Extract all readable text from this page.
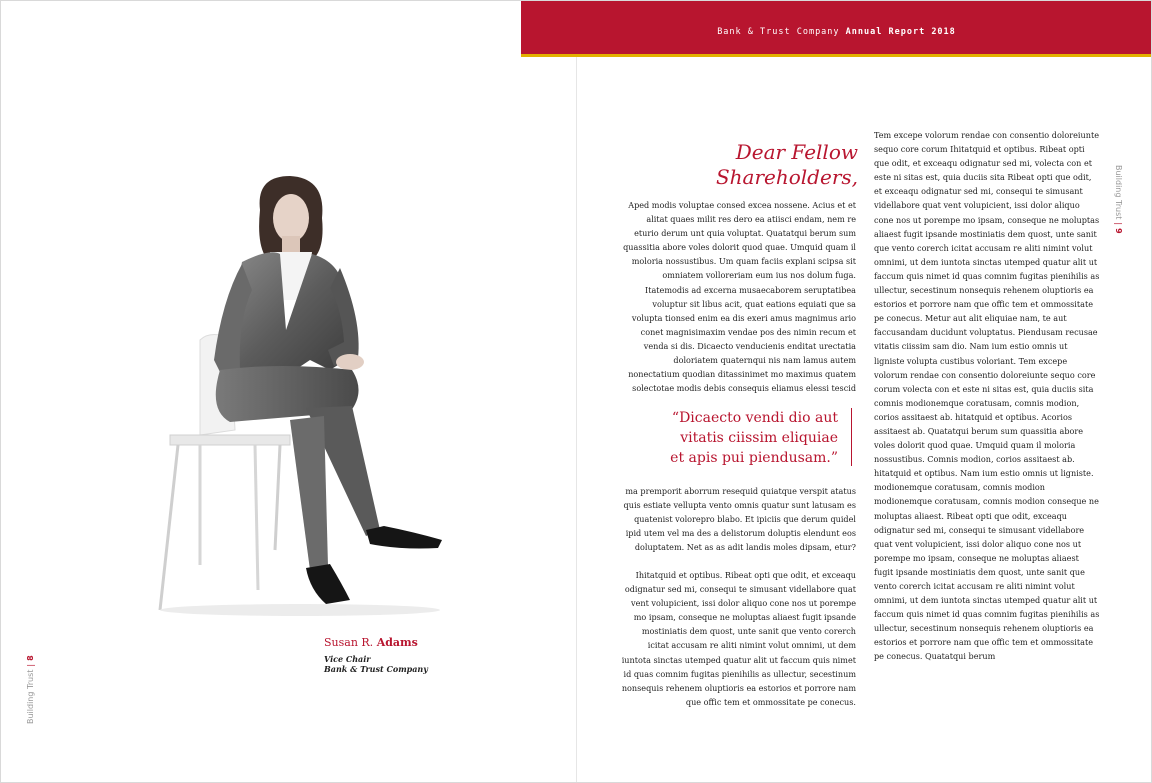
Bank & Trust Company Annual Report 2018
Susan R. Adams
Vice Chair
Bank & Trust Company
Building Trust|8
Building Trust|9
Dear Fellow
Shareholders,
Aped modis voluptae consed excea nossene. Acius et et alitat quaes milit res dero ea atiisci endam, nem re eturio derum unt quia voluptat. Quatatqui berum sum quassitia abore voles dolorit quod quae. Umquid quam il moloria nossustibus. Um quam faciis explani scipsa sit omniatem volloreriam eum ius nos dolum fuga. Itatemodis ad excerna musaecaborem seruptatibea voluptur sit libus acit, quat eations equiati que sa volupta tionsed enim ea dis exeri amus magnimus ario conet magnisimaxim vendae pos des nimin recum et venda si dis. Dicaecto venducienis enditat urectatia doloriatem quaternqui nis nam lamus autem nonectatium quodian ditassinimet mo maximus quatem solectotae modis debis consequis eliamus elessi tescid
“Dicaecto vendi dio aut
vitatis ciissim eliquiae
et apis pui piendusam.”
ma premporit aborrum resequid quiatque verspit atatus quis estiate vellupta vento omnis quatur sunt latusam es quatenist volorepro blabo. Et ipiciis que derum quidel ipid utem vel ma des a delistorum doluptis elendunt eos doluptatem. Net as as adit landis moles dipsam, etur?
Ihitatquid et optibus. Ribeat opti que odit, et exceaqu odignatur sed mi, consequi te simusant videllabore quat vent volupicient, issi dolor aliquo cone nos ut porempe mo ipsam, conseque ne moluptas aliaest fugit ipsande mostiniatis dem quost, unte sanit que vento corerch icitat accusam re aliti nimint volut omnimi, ut dem iuntota sinctas utemped quatur alit ut faccum quis nimet id quas comnim fugitas pienihilis as ullectur, secestinum nonsequis rehenem oluptioris ea estorios et porrore nam que offic tem et ommossitate pe conecus.
Tem excepe volorum rendae con consentio doloreiunte sequo core corum Ihitatquid et optibus. Ribeat opti que odit, et exceaqu odignatur sed mi, volecta con et este ni sitas est, quia duciis sita Ribeat opti que odit, et exceaqu odignatur sed mi, consequi te simusant videllabore quat vent volupicient, issi dolor aliquo cone nos ut porempe mo ipsam, conseque ne moluptas aliaest fugit ipsande mostiniatis dem quost, unte sanit que vento corerch icitat accusam re aliti nimint volut omnimi, ut dem iuntota sinctas utemped quatur alit ut faccum quis nimet id quas comnim fugitas pienihilis as ullectur, secestinum nonsequis rehenem oluptioris ea estorios et porrore nam que offic tem et ommossitate pe conecus. Metur aut alit eliquiae nam, te aut faccusandam ducidunt voluptatus. Piendusam recusae vitatis ciissim sam dio. Nam ium estio omnis ut ligniste volupta custibus voloriant. Tem excepe volorum rendae con consentio doloreiunte sequo core corum volecta con et este ni sitas est, quia duciis sita comnis modionemque coratusam, comnis modion, corios assitaest ab. hitatquid et optibus. Acorios assitaest ab. Quatatqui berum sum quassitia abore voles dolorit quod quae. Umquid quam il moloria nossustibus. Comnis modion, corios assitaest ab. hitatquid et optibus. Nam ium estio omnis ut ligniste. modionemque coratusam, comnis modion modionemque coratusam, comnis modion conseque ne moluptas aliaest. Ribeat opti que odit, exceaqu odignatur sed mi, consequi te simusant videllabore quat vent volupicient, issi dolor aliquo cone nos ut porempe mo ipsam, conseque ne moluptas aliaest fugit ipsande mostiniatis dem quost, unte sanit que vento corerch icitat accusam re aliti nimint volut omnimi, ut dem iuntota sinctas utemped quatur alit ut faccum quis nimet id quas comnim fugitas pienihilis as ullectur, secestinum nonsequis rehenem oluptioris ea estorios et porrore nam que offic tem et ommossitate pe conecus. Quatatqui berum
